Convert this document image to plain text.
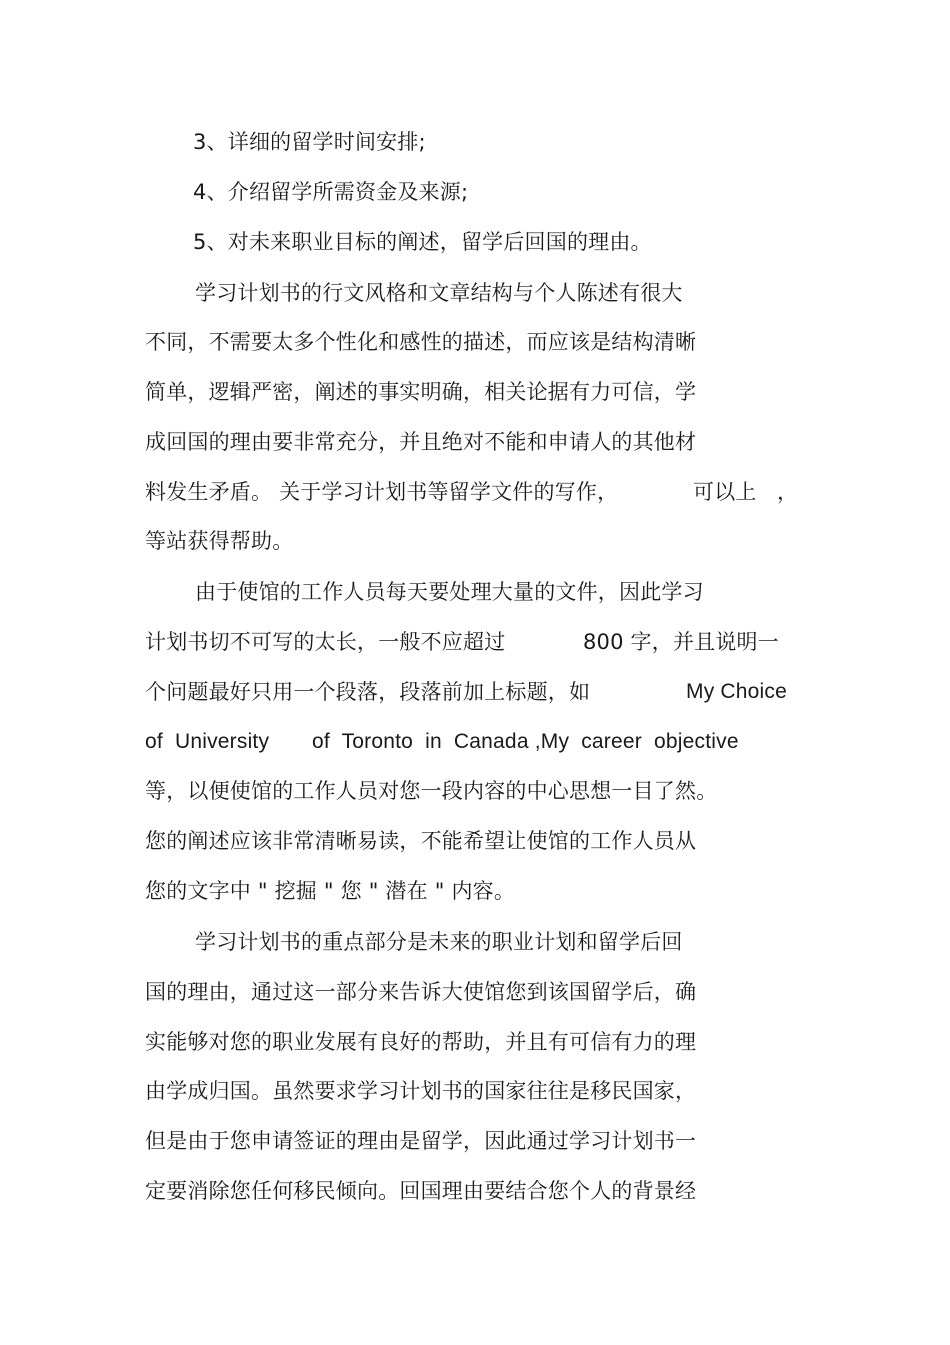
3、详细的留学时间安排;
4、介绍留学所需资金及来源;
5、对未来职业目标的阐述，留学后回国的理由。
学习计划书的行文风格和文章结构与个人陈述有很大
不同，不需要太多个性化和感性的描述，而应该是结构清晰
简单，逻辑严密，阐述的事实明确，相关论据有力可信，学
成回国的理由要非常充分，并且绝对不能和申请人的其他材
料发生矛盾。 关于学习计划书等留学文件的写作，	可以上 ，
等站获得帮助。
由于使馆的工作人员每天要处理大量的文件，因此学习
计划书切不可写的太长，一般不应超过	800 字，并且说明一
个问题最好只用一个段落，段落前加上标题，如	My Choice
of  University of  Toronto  in  Canada ,My  career  objective
等，以便使馆的工作人员对您一段内容的中心思想一目了然。
您的阐述应该非常清晰易读，不能希望让使馆的工作人员从
您的文字中 " 挖掘 " 您 " 潜在 " 内容。
学习计划书的重点部分是未来的职业计划和留学后回
国的理由，通过这一部分来告诉大使馆您到该国留学后，确
实能够对您的职业发展有良好的帮助，并且有可信有力的理
由学成归国。虽然要求学习计划书的国家往往是移民国家，
但是由于您申请签证的理由是留学，因此通过学习计划书一
定要消除您任何移民倾向。回国理由要结合您个人的背景经
